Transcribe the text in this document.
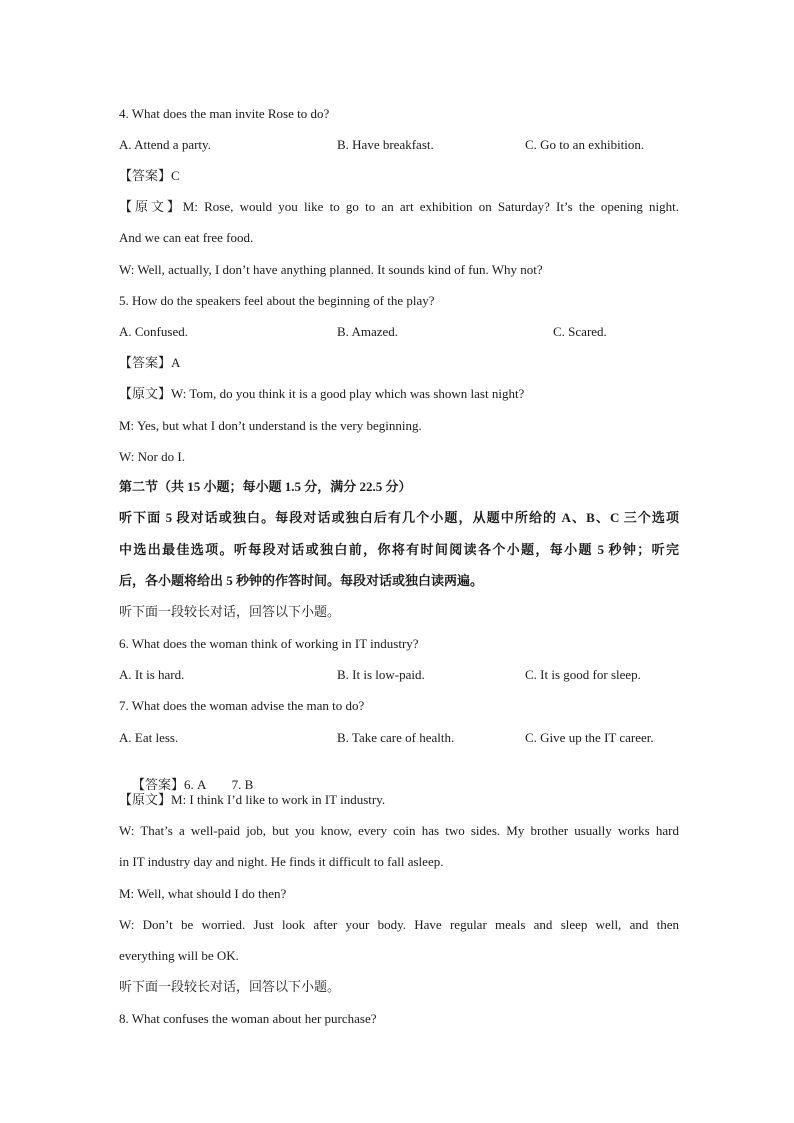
4. What does the man invite Rose to do?
A. Attend a party.	B. Have breakfast.	C. Go to an exhibition.
【答案】C
【原文】M: Rose, would you like to go to an art exhibition on Saturday? It’s the opening night.
And we can eat free food.
W: Well, actually, I don’t have anything planned. It sounds kind of fun. Why not?
5. How do the speakers feel about the beginning of the play?
A. Confused.	B. Amazed.	C. Scared.
【答案】A
【原文】W: Tom, do you think it is a good play which was shown last night?
M: Yes, but what I don’t understand is the very beginning.
W: Nor do I.
第二节（共 15 小题；每小题 1.5 分，满分 22.5 分）
听下面 5 段对话或独白。每段对话或独白后有几个小题，从题中所给的 A、B、C 三个选项
中选出最佳选项。听每段对话或独白前，你将有时间阅读各个小题，每小题 5 秒钟；听完
后，各小题将给出 5 秒钟的作答时间。每段对话或独白读两遍。
听下面一段较长对话，回答以下小题。
6. What does the woman think of working in IT industry?
A. It is hard.	B. It is low-paid.	C. It is good for sleep.
7. What does the woman advise the man to do?
A. Eat less.	B. Take care of health.	C. Give up the IT career.

【答案】6. A        7. B

【原文】M: I think I’d like to work in IT industry.
W: That’s a well-paid job, but you know, every coin has two sides. My brother usually works hard
in IT industry day and night. He finds it difficult to fall asleep.
M: Well, what should I do then?
W: Don’t be worried. Just look after your body. Have regular meals and sleep well, and then
everything will be OK.
听下面一段较长对话，回答以下小题。
8. What confuses the woman about her purchase?
